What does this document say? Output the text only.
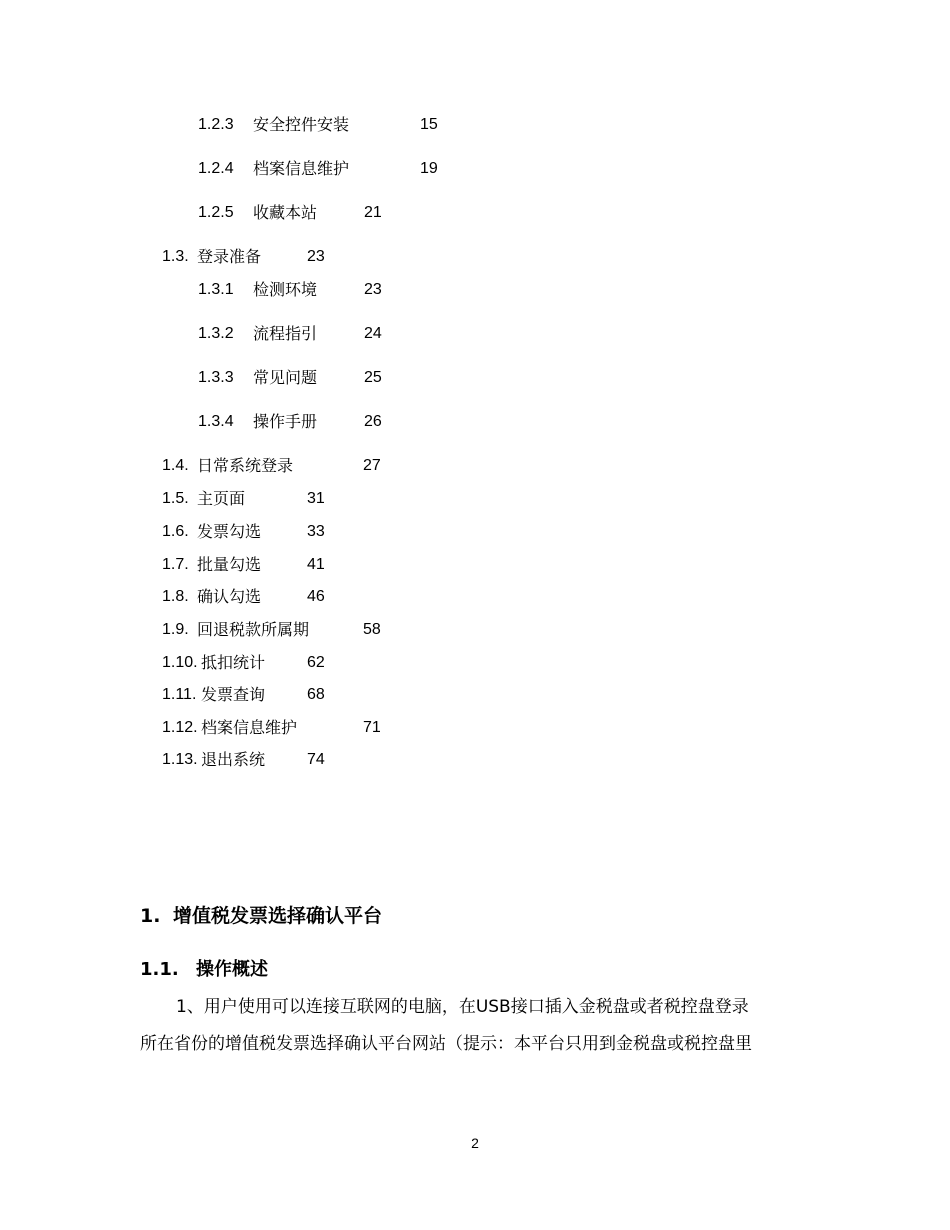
1.2.3 安全控件安装	15
1.2.4 档案信息维护	19
1.2.5 收藏本站	21
1.3. 登录准备	23
1.3.1 检测环境	23
1.3.2 流程指引	24
1.3.3 常见问题	25
1.3.4 操作手册	26
1.4. 日常系统登录	27
1.5. 主页面	31
1.6. 发票勾选	33
1.7. 批量勾选	41
1.8. 确认勾选	46
1.9. 回退税款所属期	58
1.10. 抵扣统计	62
1.11. 发票查询	68
1.12. 档案信息维护	71
1.13. 退出系统	74
1. 增值税发票选择确认平台
1.1. 操作概述
1、用户使用可以连接互联网的电脑，在USB接口插入金税盘或者税控盘登录
所在省份的增值税发票选择确认平台网站（提示：本平台只用到金税盘或税控盘里
2
